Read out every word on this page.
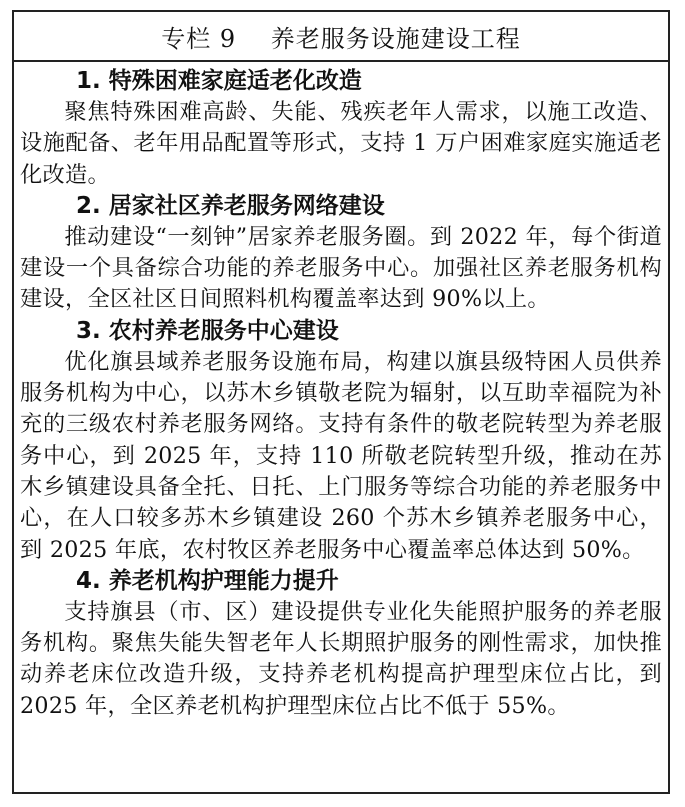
专栏 9    养老服务设施建设工程
1. 特殊困难家庭适老化改造

聚焦特殊困难高龄、失能、残疾老年人需求，以施工改造、设施配备、老年用品配置等形式，支持 1 万户困难家庭实施适老化改造。

2. 居家社区养老服务网络建设

推动建设“一刻钟”居家养老服务圈。到 2022 年，每个街道建设一个具备综合功能的养老服务中心。加强社区养老服务机构建设，全区社区日间照料机构覆盖率达到 90%以上。

3. 农村养老服务中心建设

优化旗县域养老服务设施布局，构建以旗县级特困人员供养服务机构为中心，以苏木乡镇敬老院为辐射，以互助幸福院为补充的三级农村养老服务网络。支持有条件的敬老院转型为养老服务中心，到 2025 年，支持 110 所敬老院转型升级，推动在苏木乡镇建设具备全托、日托、上门服务等综合功能的养老服务中心，在人口较多苏木乡镇建设 260 个苏木乡镇养老服务中心，到 2025 年底，农村牧区养老服务中心覆盖率总体达到 50%。

4. 养老机构护理能力提升

支持旗县（市、区）建设提供专业化失能照护服务的养老服务机构。聚焦失能失智老年人长期照护服务的刚性需求，加快推动养老床位改造升级，支持养老机构提高护理型床位占比，到 2025 年，全区养老机构护理型床位占比不低于 55%。
